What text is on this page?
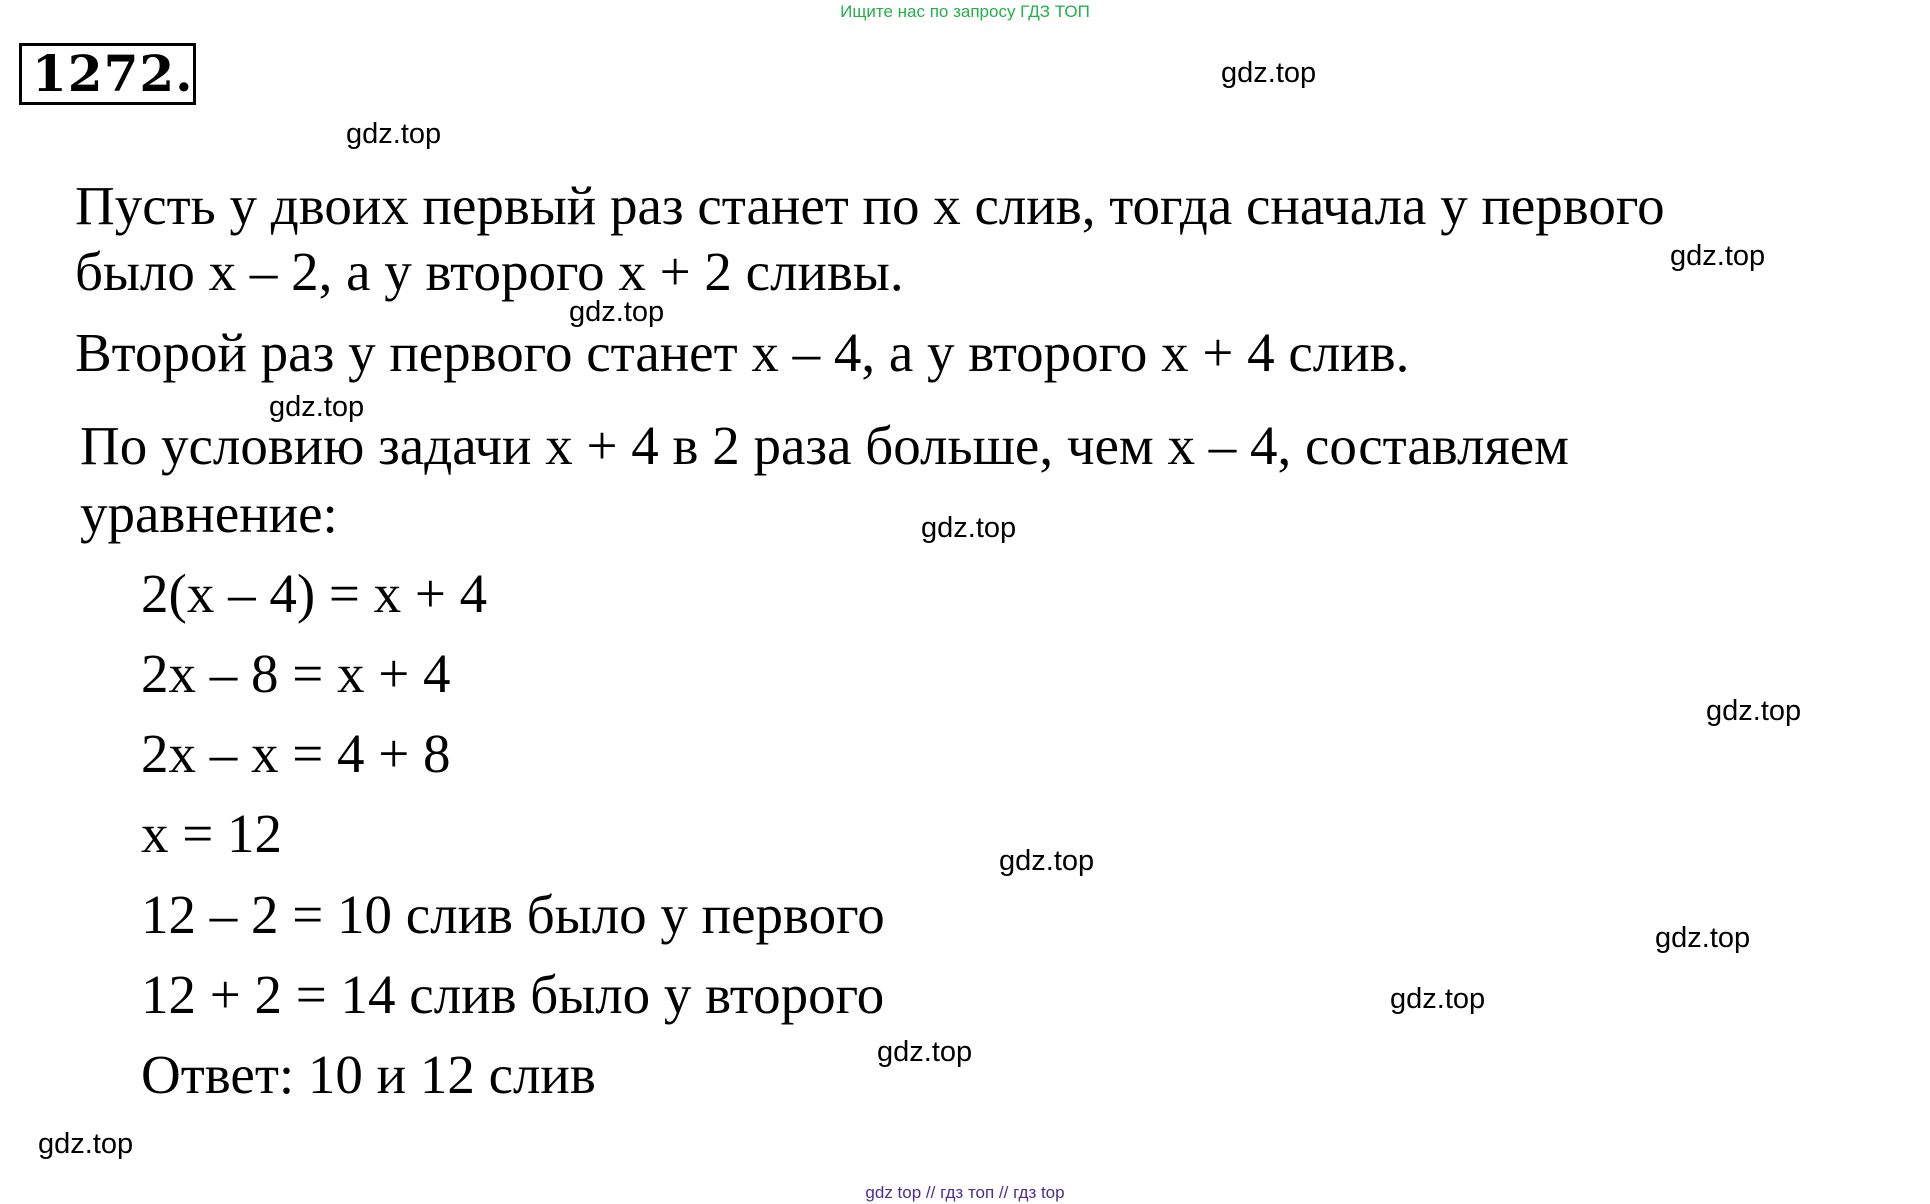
Ищите нас по запросу ГДЗ ТОП
1272.	gdz.top
gdz.top
gdz.top
gdz.top
gdz.top
gdz.top
gdz.top
gdz.top
gdz.top
gdz.top
gdz.top
gdz.top
Пусть у двоих первый раз станет по х слив, тогда сначала у первого
было х – 2, а у второго х + 2 сливы.
Второй раз у первого станет х – 4, а у второго х + 4 слив.
По условию задачи х + 4 в 2 раза больше, чем х – 4, составляем
уравнение:
2(х – 4) = х + 4
2х – 8 = х + 4
2х – х = 4 + 8
х = 12
12 – 2 = 10 слив было у первого
12 + 2 = 14 слив было у второго
Ответ: 10 и 12 слив
gdz top // гдз топ // гдз top
